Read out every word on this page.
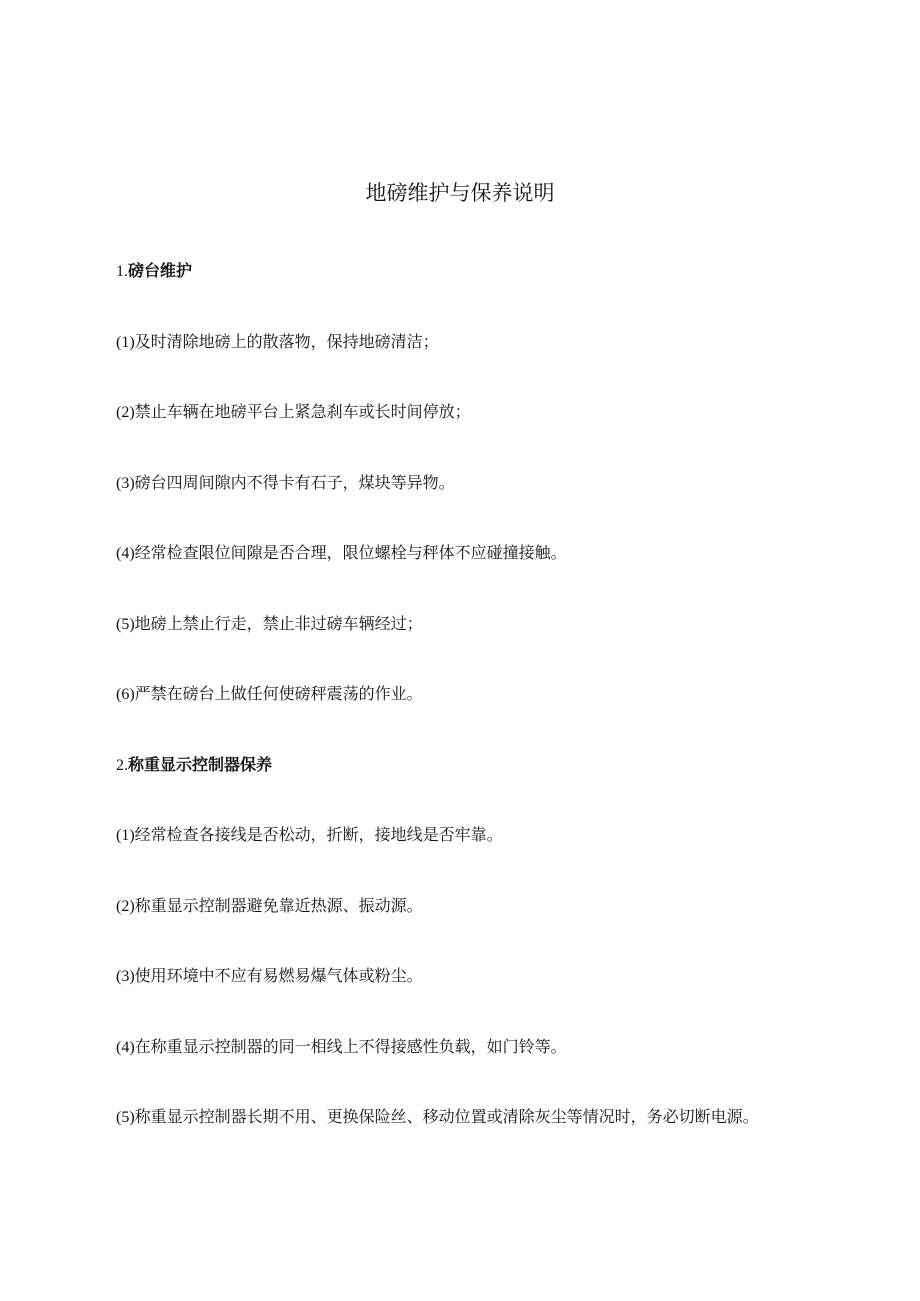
地磅维护与保养说明

1.磅台维护

(1)及时清除地磅上的散落物，保持地磅清洁；

(2)禁止车辆在地磅平台上紧急刹车或长时间停放；

(3)磅台四周间隙内不得卡有石子，煤块等异物。

(4)经常检查限位间隙是否合理，限位螺栓与秤体不应碰撞接触。

(5)地磅上禁止行走，禁止非过磅车辆经过；

(6)严禁在磅台上做任何使磅秤震荡的作业。

2.称重显示控制器保养

(1)经常检查各接线是否松动，折断，接地线是否牢靠。

(2)称重显示控制器避免靠近热源、振动源。

(3)使用环境中不应有易燃易爆气体或粉尘。

(4)在称重显示控制器的同一相线上不得接感性负载，如门铃等。

(5)称重显示控制器长期不用、更换保险丝、移动位置或清除灰尘等情况时，务必切断电源。
